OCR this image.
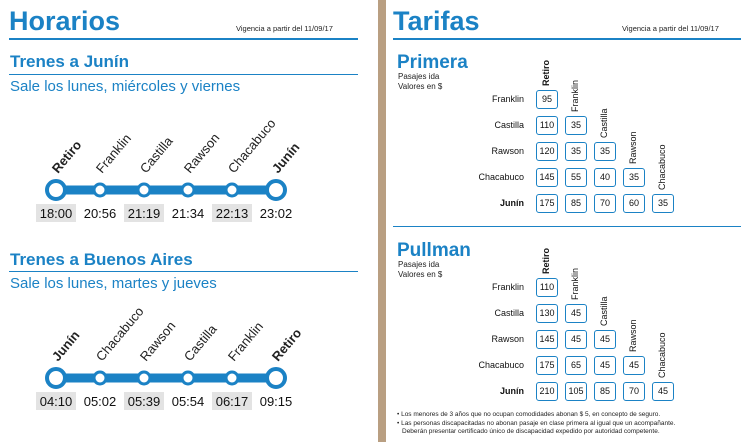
Horarios	Vigencia a partir del 11/09/17
Trenes a Junín
Sale los lunes, miércoles y viernes
Retiro
18:00
Franklin
20:56
Castilla
21:19
Rawson
21:34
Chacabuco
22:13
Junín
23:02
Trenes a Buenos Aires
Sale los lunes, martes y jueves
Junín
04:10
Chacabuco
05:02
Rawson
05:39
Castilla
05:54
Franklin
06:17
Retiro
09:15
Tarifas	Vigencia a partir del 11/09/17
• Los menores de 3 años que no ocupan comodidades abonan $ 5, en concepto de seguro.
• Las personas discapacitadas no abonan pasaje en clase primera al igual que un acompañante.
Deberán presentar certificado único de discapacidad expedido por autoridad competente.
Primera
Pasajes ida
Valores en $
Retiro
Franklin
Castilla
Rawson Chacabuco
Franklin	95
Castilla	110	35
Rawson	120	35	35
Chacabuco	145	55	40	35
Junín	175	85	70	60	35
Pullman
Pasajes ida
Valores en $
Retiro
Franklin
Castilla
Rawson Chacabuco
Franklin	110
Castilla	130	45
Rawson	145	45	45
Chacabuco	175	65	45	45
Junín	210	105	85	70	45
